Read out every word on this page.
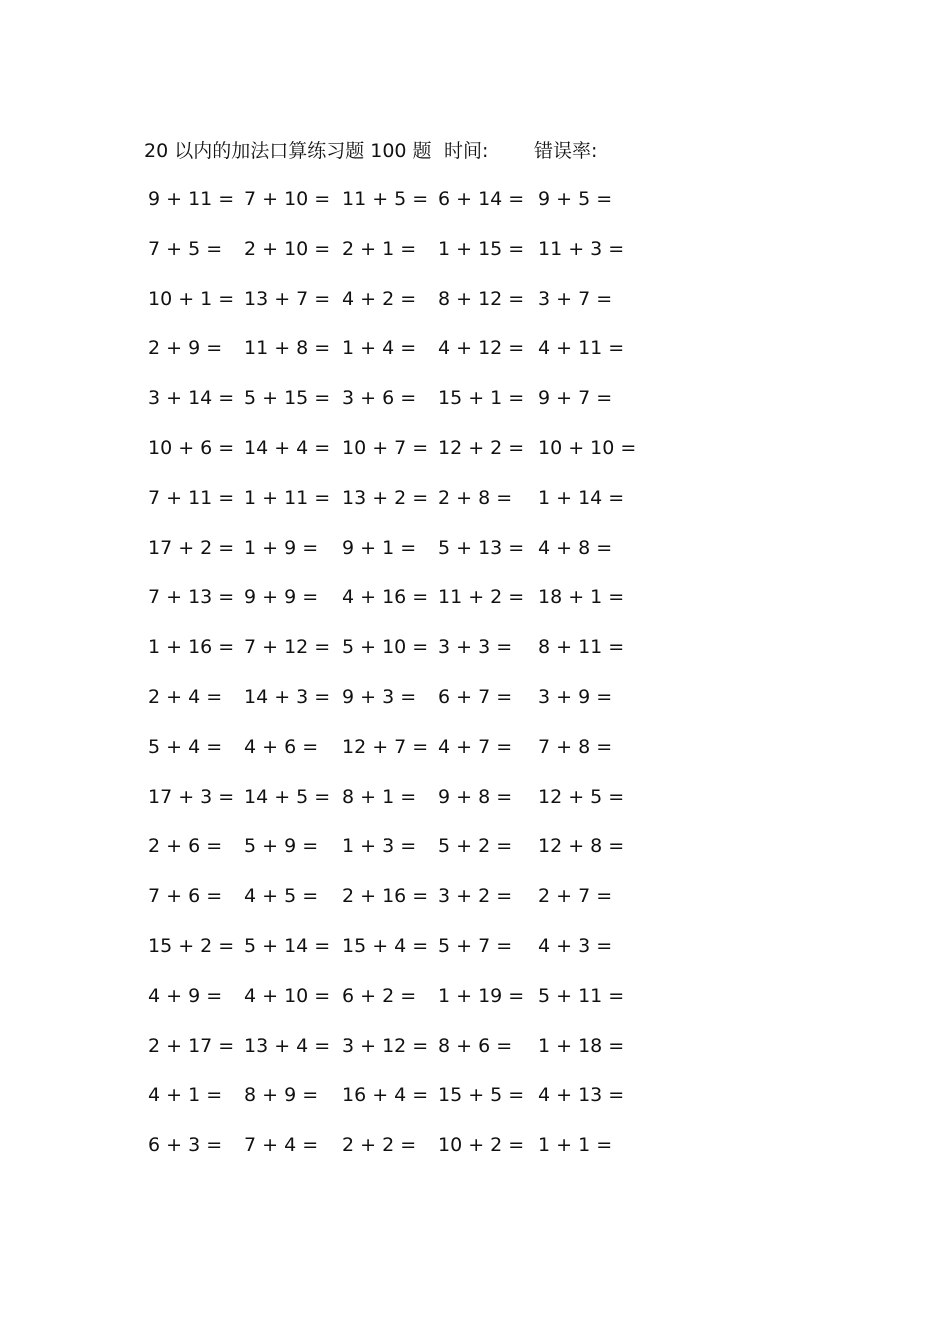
20 以内的加法口算练习题 100 题 时间: 错误率:
9 + 11 = 7 + 10 = 11 + 5 = 6 + 14 = 9 + 5 =
7 + 5 = 2 + 10 = 2 + 1 = 1 + 15 = 11 + 3 =
10 + 1 = 13 + 7 = 4 + 2 = 8 + 12 = 3 + 7 =
2 + 9 = 11 + 8 = 1 + 4 = 4 + 12 = 4 + 11 =
3 + 14 = 5 + 15 = 3 + 6 = 15 + 1 = 9 + 7 =
10 + 6 = 14 + 4 = 10 + 7 = 12 + 2 = 10 + 10 =
7 + 11 = 1 + 11 = 13 + 2 = 2 + 8 = 1 + 14 =
17 + 2 = 1 + 9 = 9 + 1 = 5 + 13 = 4 + 8 =
7 + 13 = 9 + 9 = 4 + 16 = 11 + 2 = 18 + 1 =
1 + 16 = 7 + 12 = 5 + 10 = 3 + 3 = 8 + 11 =
2 + 4 = 14 + 3 = 9 + 3 = 6 + 7 = 3 + 9 =
5 + 4 = 4 + 6 = 12 + 7 = 4 + 7 = 7 + 8 =
17 + 3 = 14 + 5 = 8 + 1 = 9 + 8 = 12 + 5 =
2 + 6 = 5 + 9 = 1 + 3 = 5 + 2 = 12 + 8 =
7 + 6 = 4 + 5 = 2 + 16 = 3 + 2 = 2 + 7 =
15 + 2 = 5 + 14 = 15 + 4 = 5 + 7 = 4 + 3 =
4 + 9 = 4 + 10 = 6 + 2 = 1 + 19 = 5 + 11 =
2 + 17 = 13 + 4 = 3 + 12 = 8 + 6 = 1 + 18 =
4 + 1 = 8 + 9 = 16 + 4 = 15 + 5 = 4 + 13 =
6 + 3 = 7 + 4 = 2 + 2 = 10 + 2 = 1 + 1 =
